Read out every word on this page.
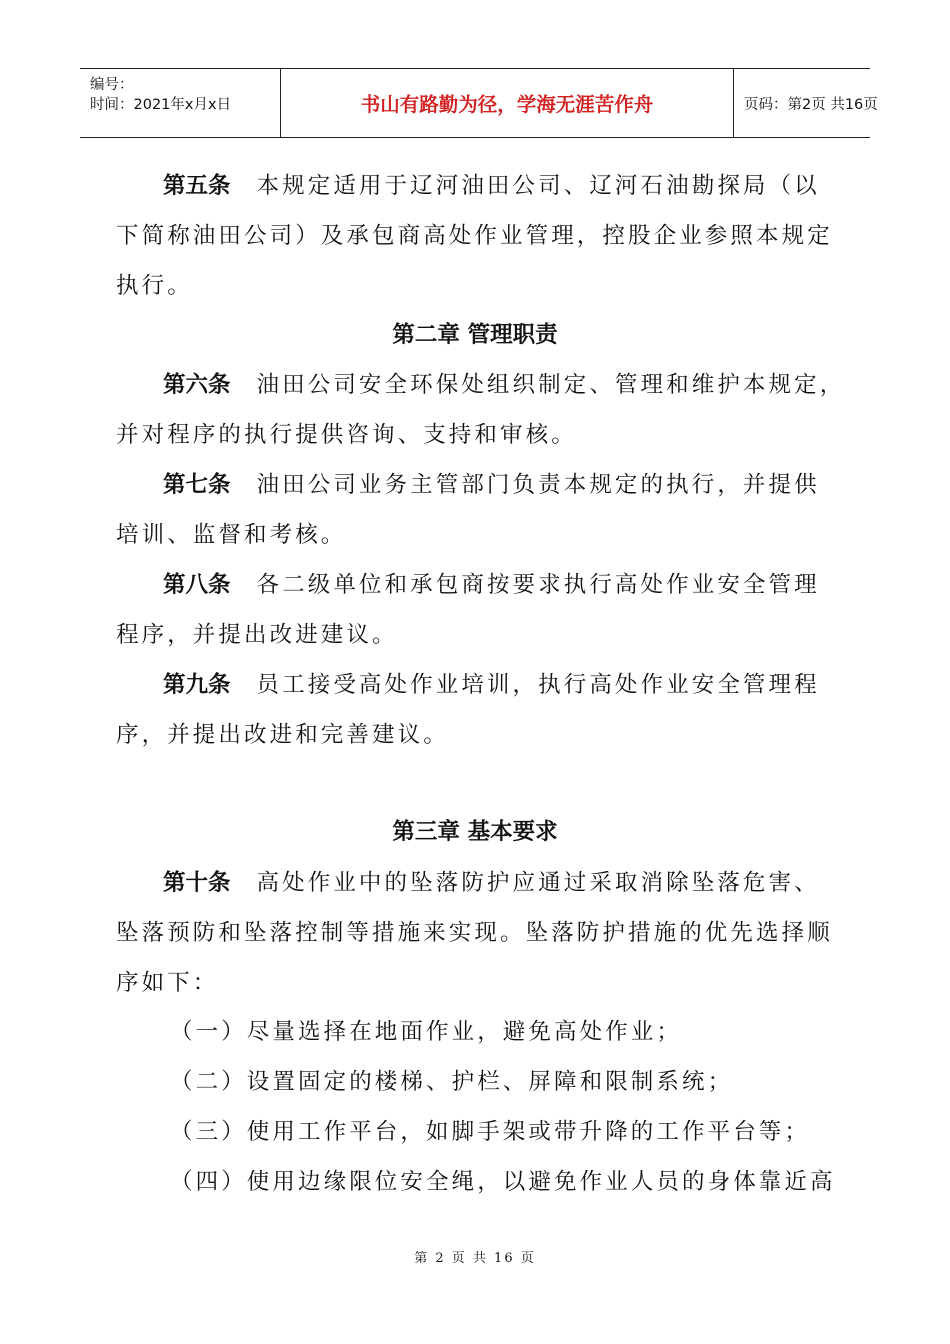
编号：
时间：2021年x月x日	书山有路勤为径，学海无涯苦作舟	页码：第2页 共16页
第五条 本规定适用于辽河油田公司、辽河石油勘探局（以
下简称油田公司）及承包商高处作业管理，控股企业参照本规定
执行。
第二章 管理职责
第六条 油田公司安全环保处组织制定、管理和维护本规定，
并对程序的执行提供咨询、支持和审核。
第七条 油田公司业务主管部门负责本规定的执行，并提供
培训、监督和考核。
第八条 各二级单位和承包商按要求执行高处作业安全管理
程序，并提出改进建议。
第九条 员工接受高处作业培训，执行高处作业安全管理程
序，并提出改进和完善建议。
第三章 基本要求
第十条 高处作业中的坠落防护应通过采取消除坠落危害、
坠落预防和坠落控制等措施来实现。坠落防护措施的优先选择顺
序如下：
（一）尽量选择在地面作业，避免高处作业；
（二）设置固定的楼梯、护栏、屏障和限制系统；
（三）使用工作平台，如脚手架或带升降的工作平台等；
（四）使用边缘限位安全绳，以避免作业人员的身体靠近高
第 2 页 共 16 页
